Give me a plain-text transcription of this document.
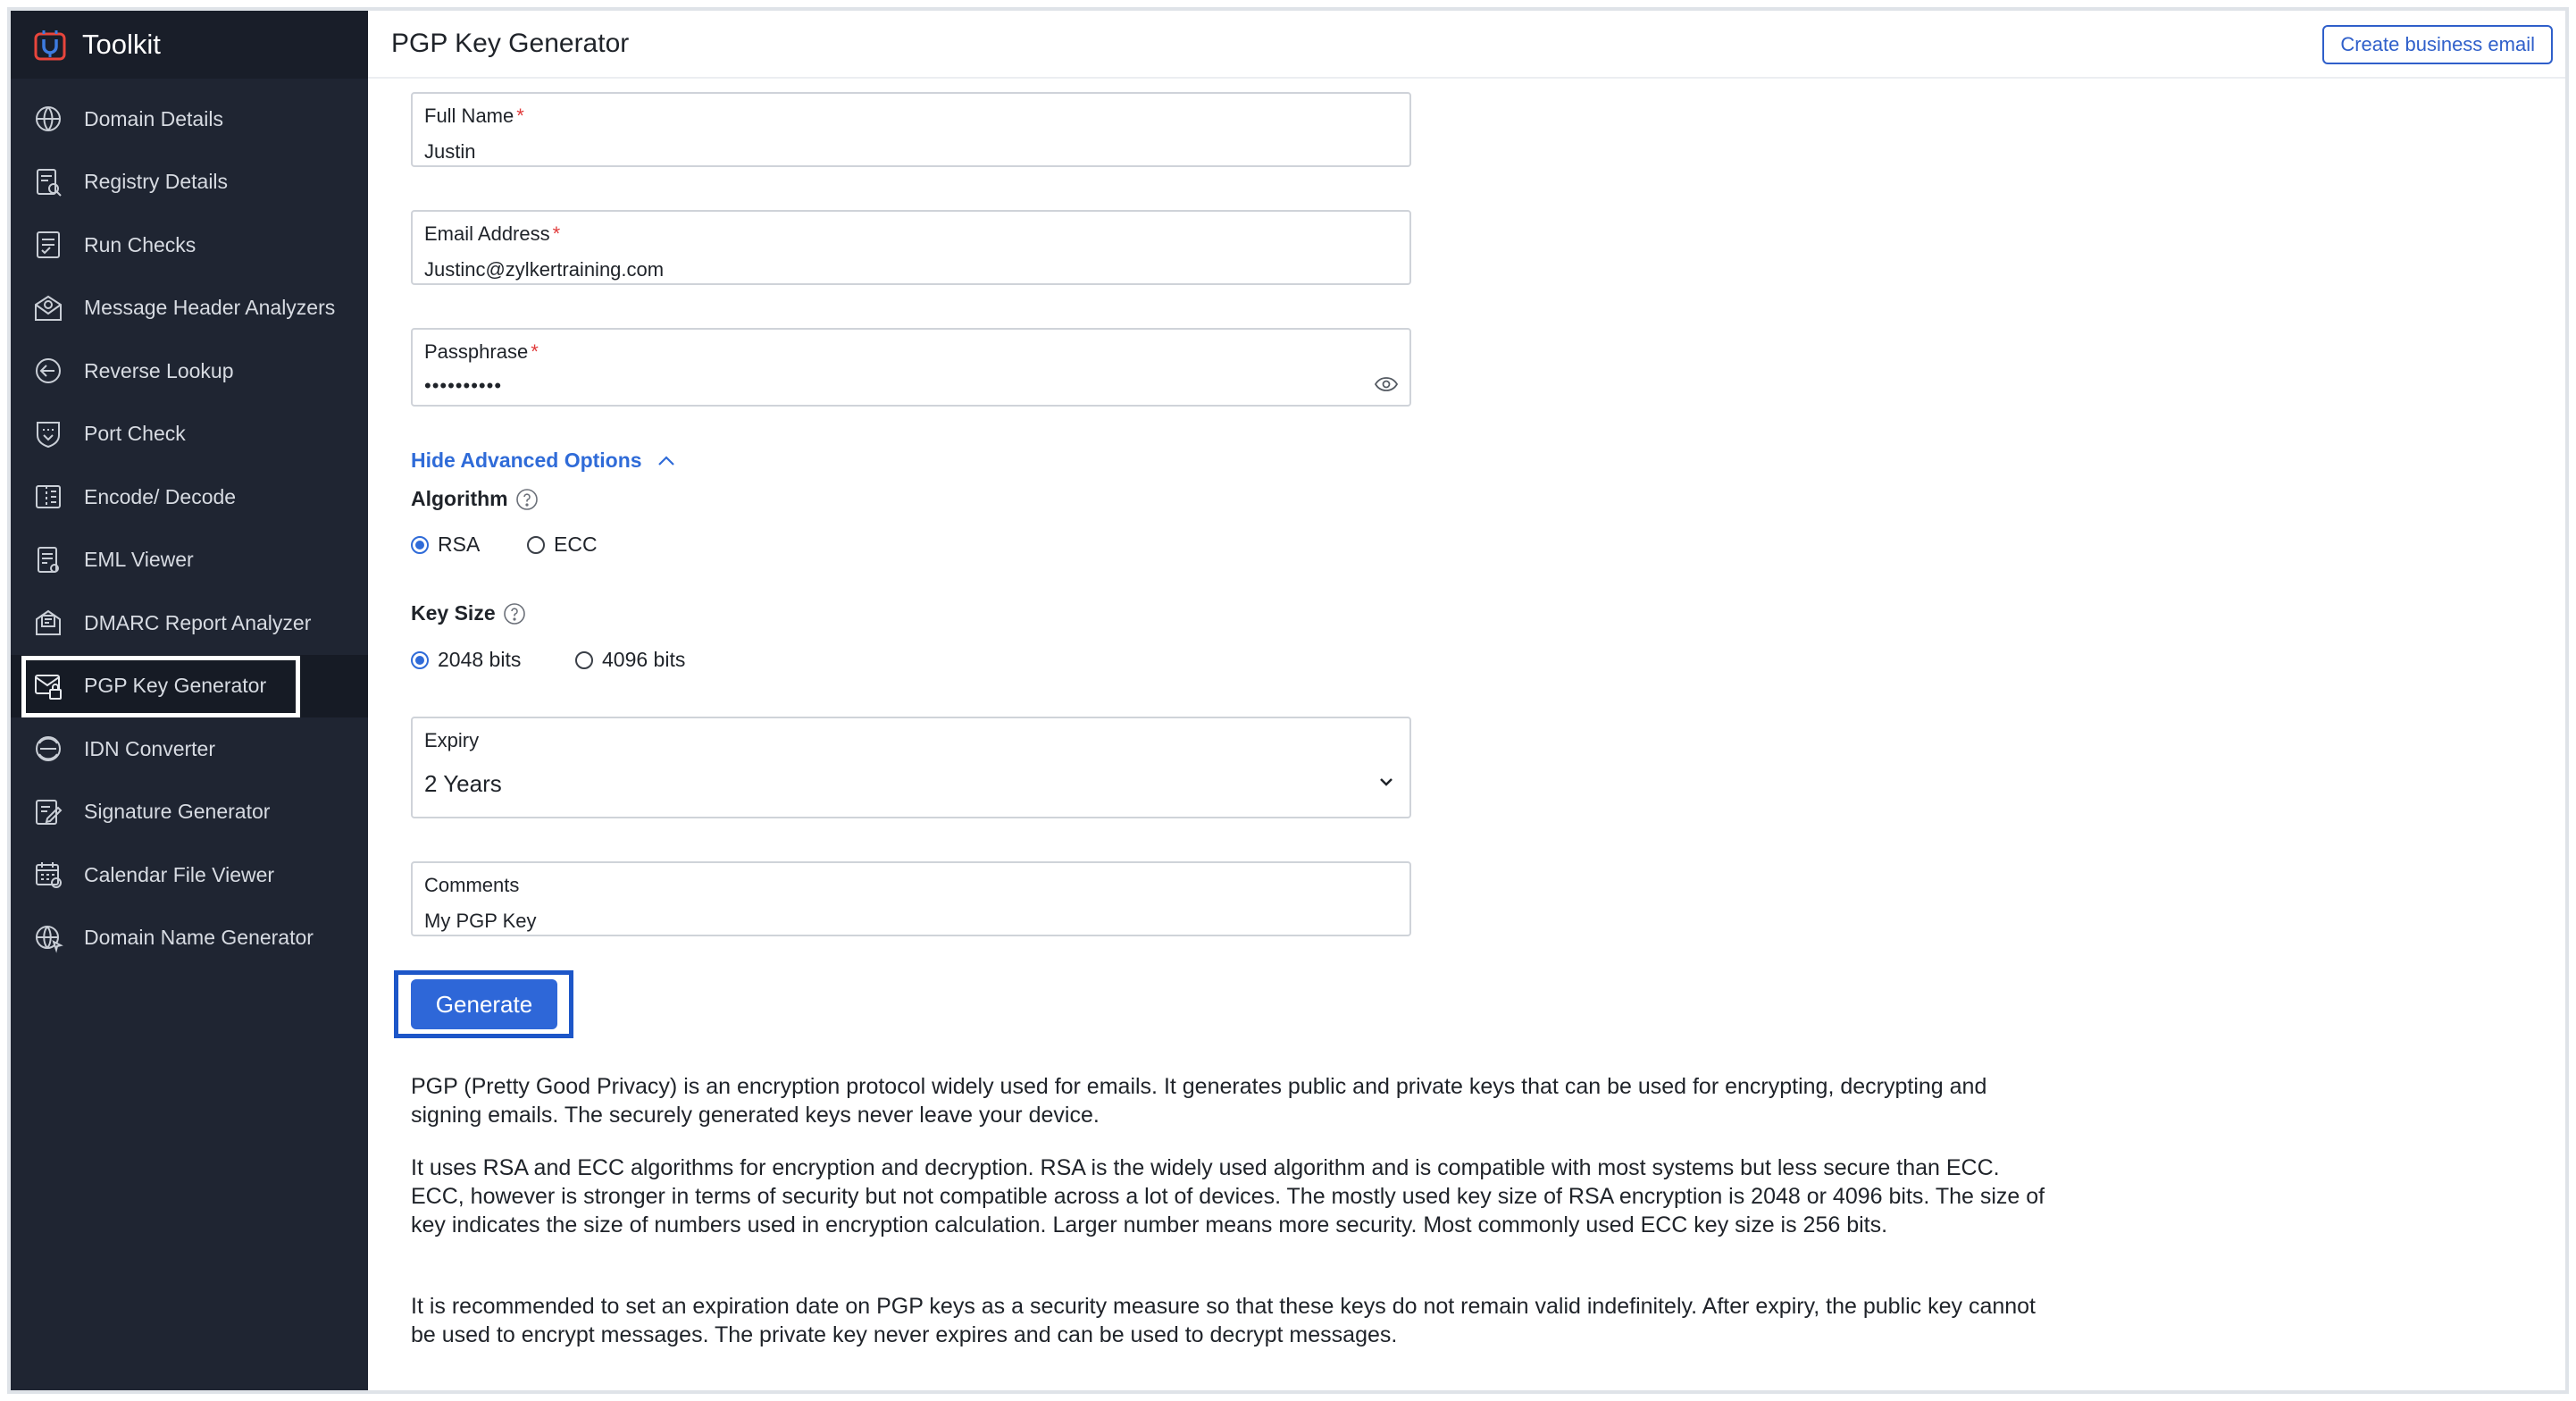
Toolkit
Domain Details
Registry Details
Run Checks
Message Header Analyzers
Reverse Lookup
Port Check
Encode/ Decode
EML Viewer
DMARC Report Analyzer
PGP Key Generator
IDN Converter
Signature Generator
Calendar File Viewer
Domain Name Generator
PGP Key Generator	Create business email
Full Name *
Justin
Email Address *
Justinc@zylkertraining.com
Passphrase *
••••••••••
Hide Advanced Options
Algorithm
RSA	ECC
Key Size
2048 bits	4096 bits
Expiry
2 Years
Comments
My PGP Key
Generate

PGP (Pretty Good Privacy) is an encryption protocol widely used for emails. It generates public and private keys that can be used for encrypting, decrypting and signing emails. The securely generated keys never leave your device.

It uses RSA and ECC algorithms for encryption and decryption. RSA is the widely used algorithm and is compatible with most systems but less secure than ECC. ECC, however is stronger in terms of security but not compatible across a lot of devices. The mostly used key size of RSA encryption is 2048 or 4096 bits. The size of key indicates the size of numbers used in encryption calculation. Larger number means more security. Most commonly used ECC key size is 256 bits.

It is recommended to set an expiration date on PGP keys as a security measure so that these keys do not remain valid indefinitely. After expiry, the public key cannot be used to encrypt messages. The private key never expires and can be used to decrypt messages.
